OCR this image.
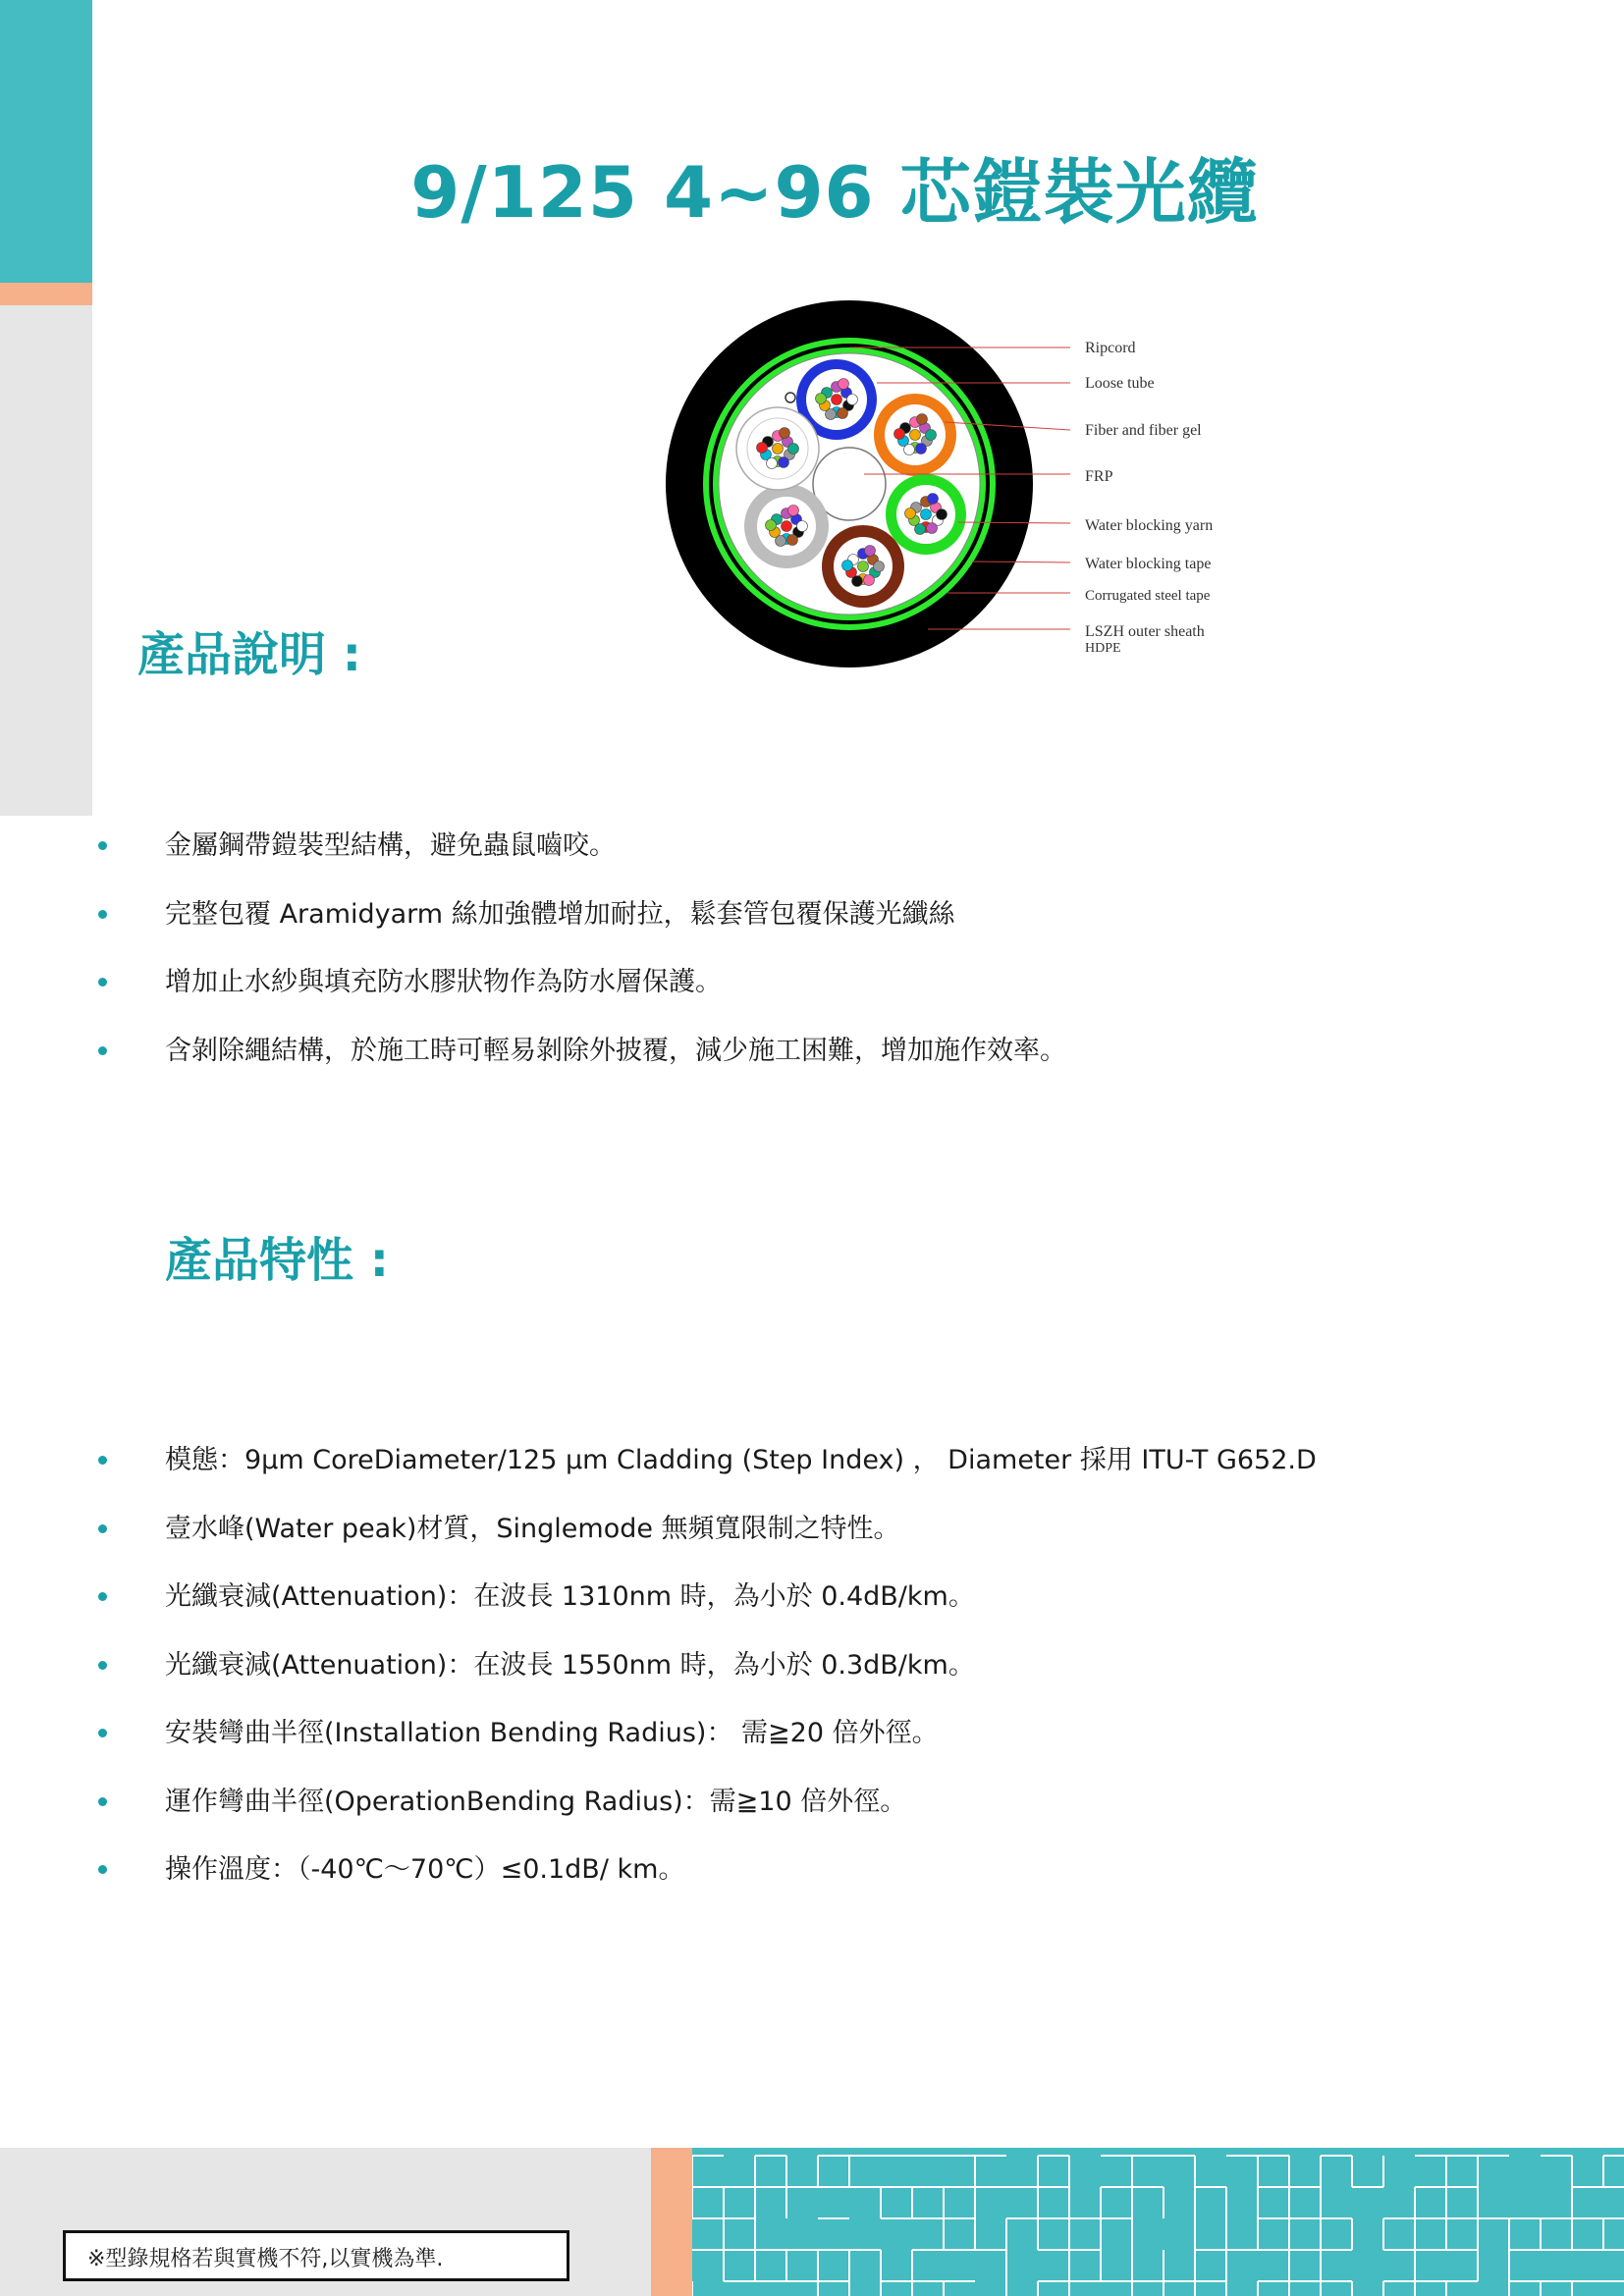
9/125 4~96 芯鎧裝光纜
Ripcord
Loose tube
Fiber and fiber gel
FRP
Water blocking yarn
Water blocking tape
Corrugated steel tape
LSZH outer sheath
HDPE
產品說明 :
金屬鋼帶鎧裝型結構，避免蟲鼠嚙咬。
完整包覆 Aramidyarm 絲加強體增加耐拉，鬆套管包覆保護光纖絲
增加止水紗與填充防水膠狀物作為防水層保護。
含剝除繩結構，於施工時可輕易剝除外披覆，減少施工困難，增加施作效率。
產品特性 :
模態：9μm CoreDiameter/125 μm Cladding (Step Index) ， Diameter 採用 ITU-T G652.D
壹水峰(Water peak)材質，Singlemode 無頻寬限制之特性。
光纖衰減(Attenuation)：在波長 1310nm 時，為小於 0.4dB/km。
光纖衰減(Attenuation)：在波長 1550nm 時，為小於 0.3dB/km。
安裝彎曲半徑(Installation Bending Radius)： 需≧20 倍外徑。
運作彎曲半徑(OperationBending Radius)：需≧10 倍外徑。
操作溫度：（-40℃～70℃）≤0.1dB/ km。
※型錄規格若與實機不符,以實機為準.
